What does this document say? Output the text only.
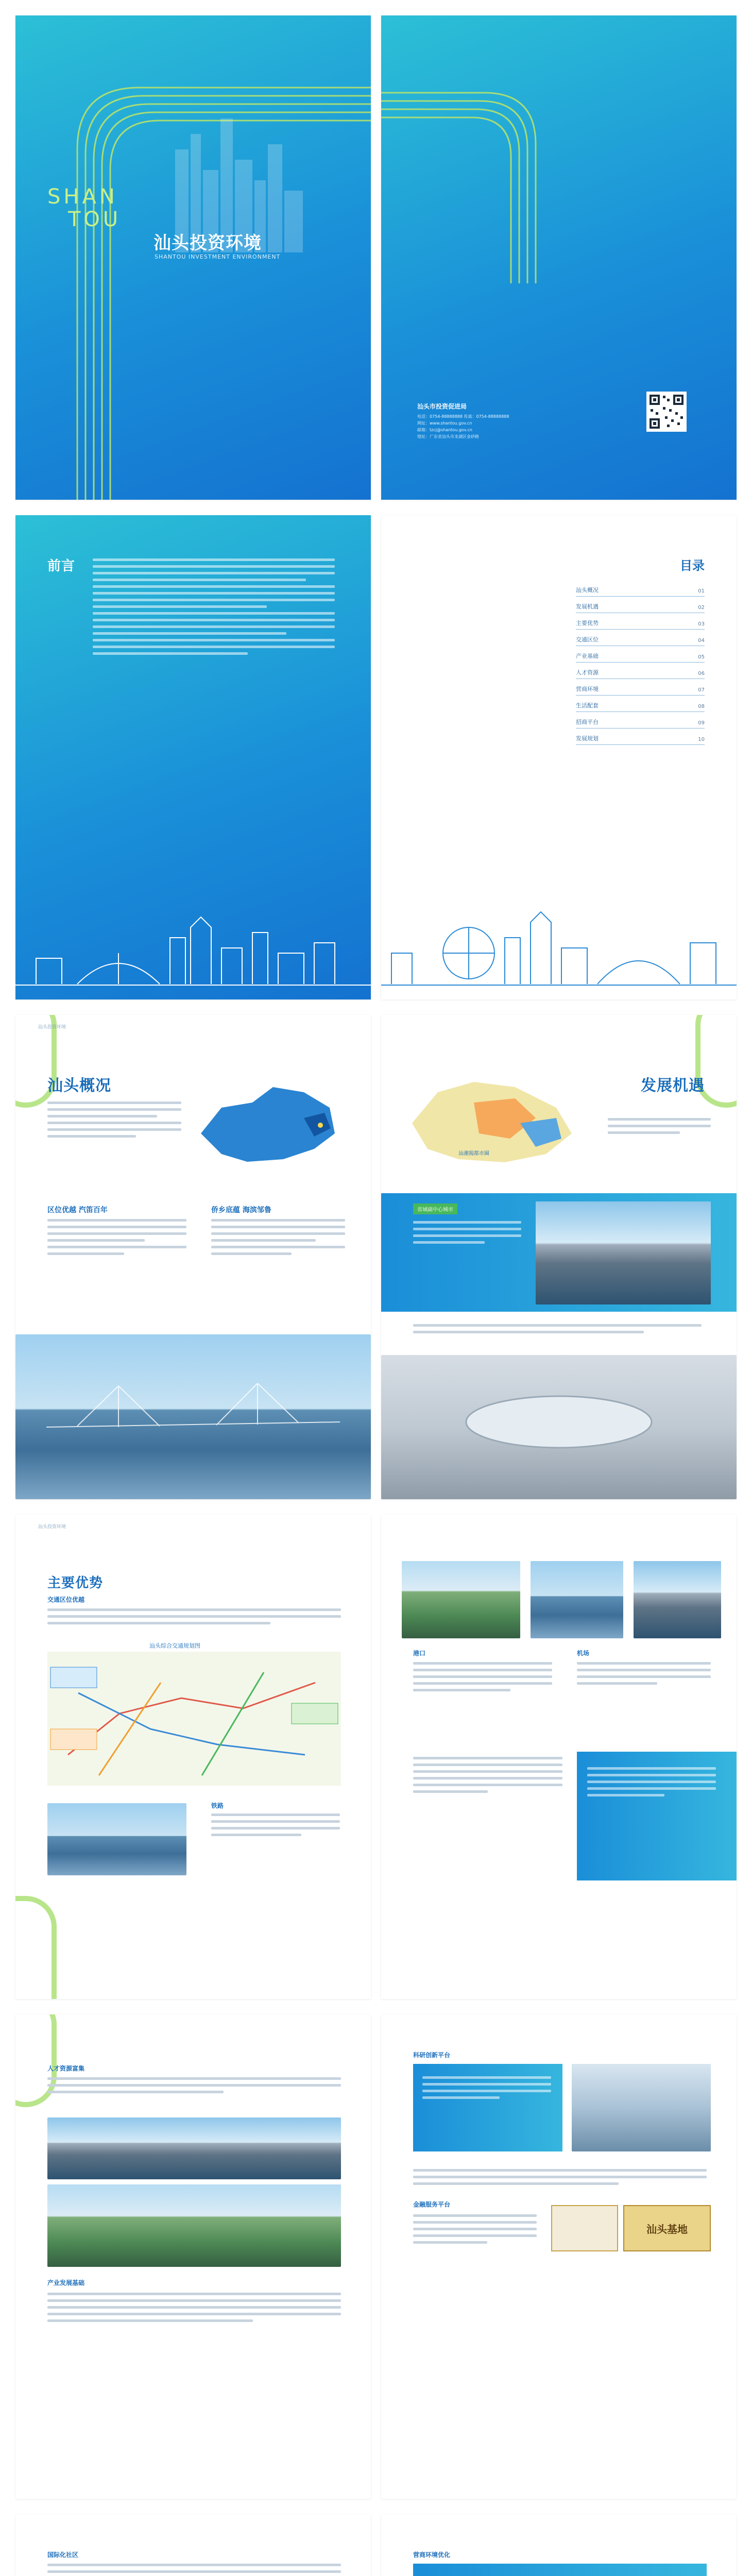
SHAN
TOU
汕头投资环境
SHANTOU INVESTMENT ENVIRONMENT
汕头市投资促进局
电话：0754-88888888 传真：0754-88888888
网址：www.shantou.gov.cn
邮箱：tzcj@shantou.gov.cn
地址：广东省汕头市龙湖区金砂路
前言	目录
汕头概况	01
发展机遇	02
主要优势	03
交通区位	04
产业基础	05
人才资源	06
营商环境	07
生活配套	08
招商平台	09
发展规划	10
汕头投资环境
汕头概况
区位优越 汽笛百年	侨乡底蕴 海滨邹鲁
发展机遇
汕潮揭都市圈
省域副中心城市
汕头投资环境
主要优势
交通区位优越
汕头综合交通规划图
铁路
港口	机场
人才资源富集
产业发展基础
科研创新平台
金融服务平台
汕头基地
国际化社区	营商环境优化
